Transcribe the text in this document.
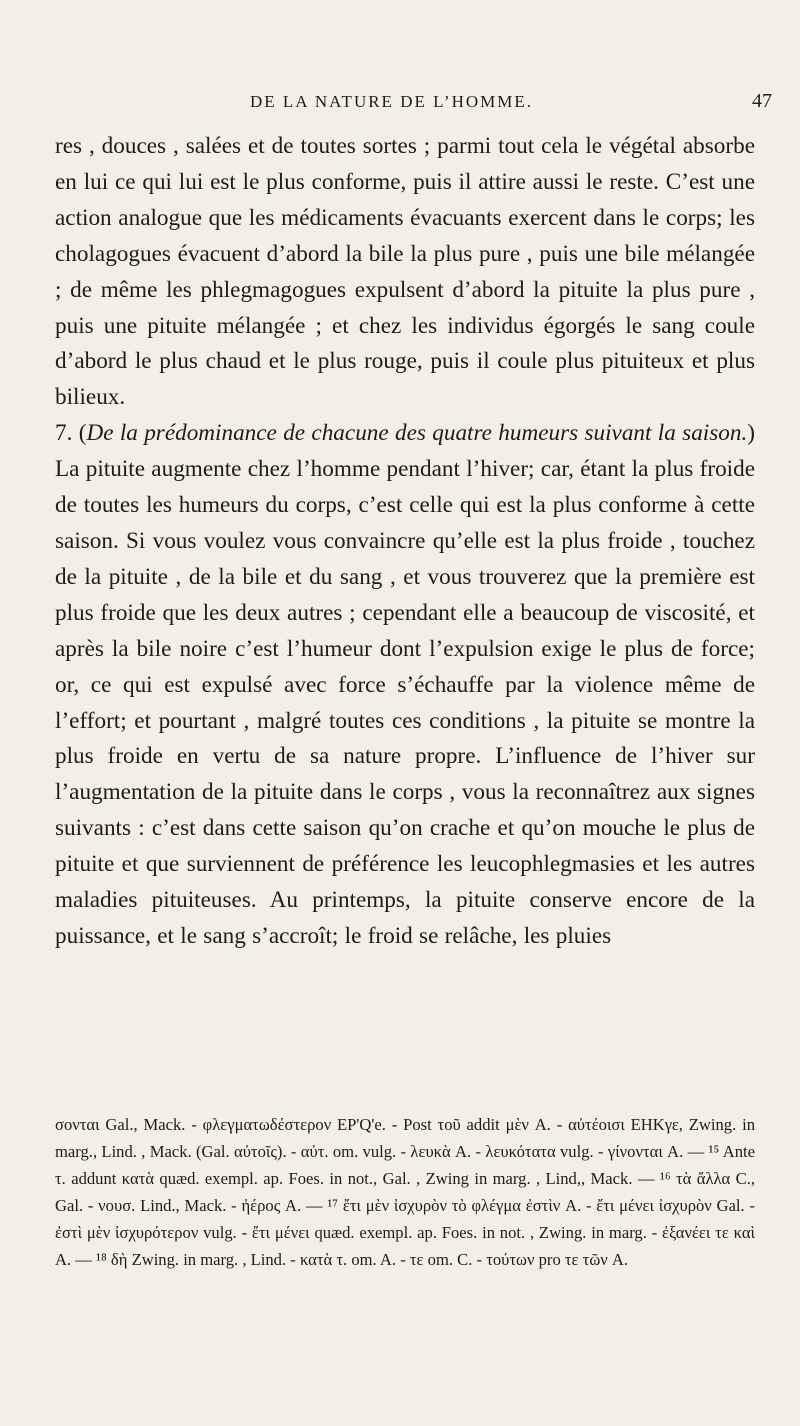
DE LA NATURE DE L’HOMME.	47

res , douces , salées et de toutes sortes ; parmi tout cela le végétal absorbe en lui ce qui lui est le plus conforme, puis il attire aussi le reste. C’est une action analogue que les médicaments évacuants exercent dans le corps; les cholagogues évacuent d’abord la bile la plus pure , puis une bile mélangée ; de même les phlegmagogues expulsent d’abord la pituite la plus pure , puis une pituite mélangée ; et chez les individus égorgés le sang coule d’abord le plus chaud et le plus rouge, puis il coule plus pituiteux et plus bilieux.

7. (De la prédominance de chacune des quatre humeurs suivant la saison.) La pituite augmente chez l’homme pendant l’hiver; car, étant la plus froide de toutes les humeurs du corps, c’est celle qui est la plus conforme à cette saison. Si vous voulez vous convaincre qu’elle est la plus froide , touchez de la pituite , de la bile et du sang , et vous trouverez que la première est plus froide que les deux autres ; cependant elle a beaucoup de viscosité, et après la bile noire c’est l’humeur dont l’expulsion exige le plus de force; or, ce qui est expulsé avec force s’échauffe par la violence même de l’effort; et pourtant , malgré toutes ces conditions , la pituite se montre la plus froide en vertu de sa nature propre. L’influence de l’hiver sur l’augmentation de la pituite dans le corps , vous la reconnaîtrez aux signes suivants : c’est dans cette saison qu’on crache et qu’on mouche le plus de pituite et que surviennent de préférence les leucophlegmasies et les autres maladies pituiteuses. Au printemps, la pituite conserve encore de la puissance, et le sang s’accroît; le froid se relâche, les pluies

σονται Gal., Mack. - φλεγματωδέστερον EP'Q'e. - Post τοῦ addit μὲν A. - αὐτέοισι EHKγε, Zwing. in marg., Lind. , Mack. (Gal. αὐτοῖς). - αὐτ. om. vulg. - λευκὰ A. - λευκότατα vulg. - γίνονται A. — ¹⁵ Ante τ. addunt κατὰ quæd. exempl. ap. Foes. in not., Gal. , Zwing in marg. , Lind,, Mack. — ¹⁶ τὰ ἄλλα C., Gal. - νουσ. Lind., Mack. - ἠέρος A. — ¹⁷ ἔτι μὲν ἰσχυρὸν τὸ φλέγμα ἐστὶν A. - ἔτι μένει ἰσχυρὸν Gal. - ἐστὶ μὲν ἰσχυρότερον vulg. - ἔτι μένει quæd. exempl. ap. Foes. in not. , Zwing. in marg. - ἐξανέει τε καὶ A. — ¹⁸ δὴ Zwing. in marg. , Lind. - κατὰ τ. om. A. - τε om. C. - τούτων pro τε τῶν A.
